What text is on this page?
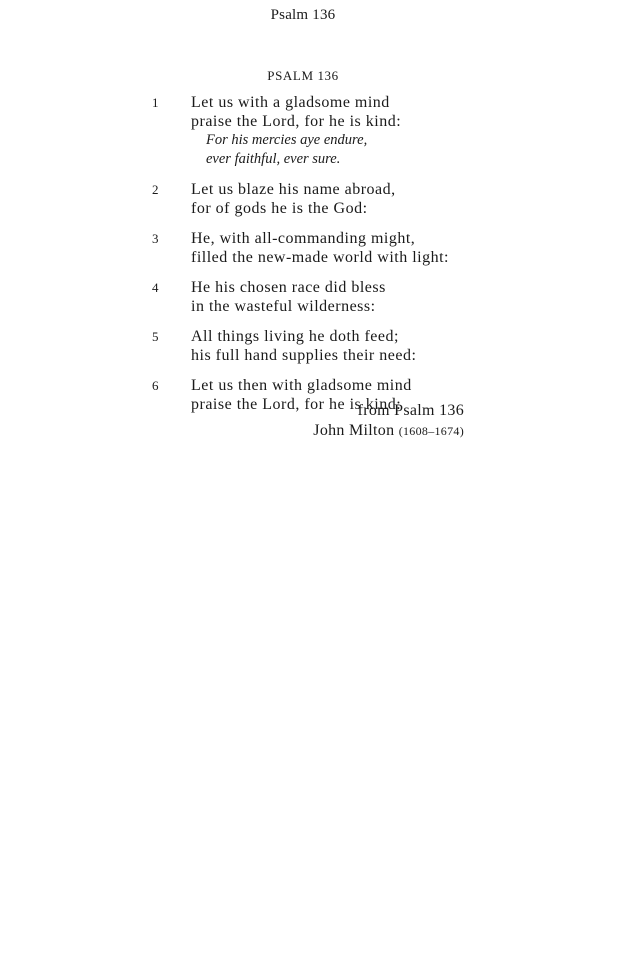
Psalm 136
PSALM 136
1 Let us with a gladsome mind
praise the Lord, for he is kind:
For his mercies aye endure,
ever faithful, ever sure.
2 Let us blaze his name abroad,
for of gods he is the God:
3 He, with all-commanding might,
filled the new-made world with light:
4 He his chosen race did bless
in the wasteful wilderness:
5 All things living he doth feed;
his full hand supplies their need:
6 Let us then with gladsome mind
praise the Lord, for he is kind:
from Psalm 136
John Milton (1608–1674)
